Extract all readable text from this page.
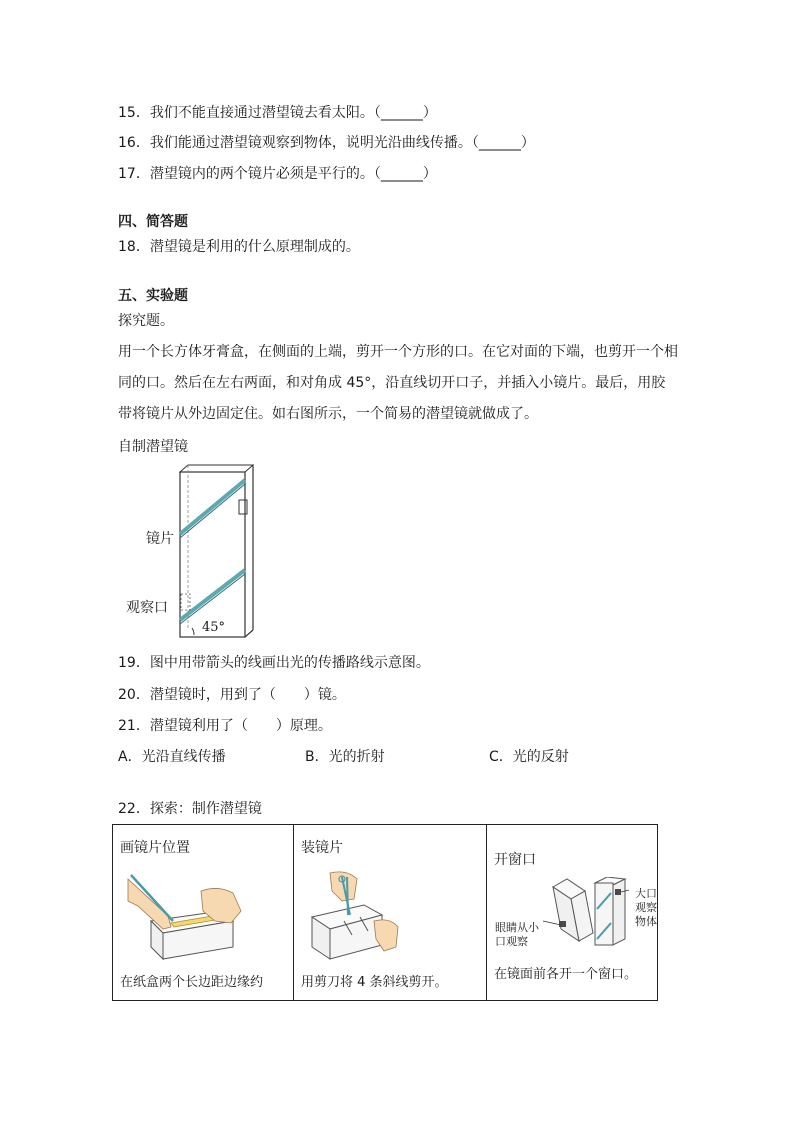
15．我们不能直接通过潜望镜去看太阳。（______）
16．我们能通过潜望镜观察到物体，说明光沿曲线传播。（______）
17．潜望镜内的两个镜片必须是平行的。（______）
四、简答题
18．潜望镜是利用的什么原理制成的。
五、实验题
探究题。
用一个长方体牙膏盒，在侧面的上端，剪开一个方形的口。在它对面的下端，也剪开一个相
同的口。然后在左右两面，和对角成 45°，沿直线切开口子，并插入小镜片。最后，用胶
带将镜片从外边固定住。如右图所示，一个简易的潜望镜就做成了。
自制潜望镜
镜片
观察口
45°
19．图中用带箭头的线画出光的传播路线示意图。
20．潜望镜时，用到了（　　）镜。
21．潜望镜利用了（　　）原理。
A．光沿直线传播	B．光的折射	C．光的反射
22．探索：制作潜望镜
画镜片位置
在纸盒两个长边距边缘约

装镜片
用剪刀将 4 条斜线剪开。

开窗口
眼睛从小
口观察
大口
观察
物体
在镜面前各开一个窗口。
